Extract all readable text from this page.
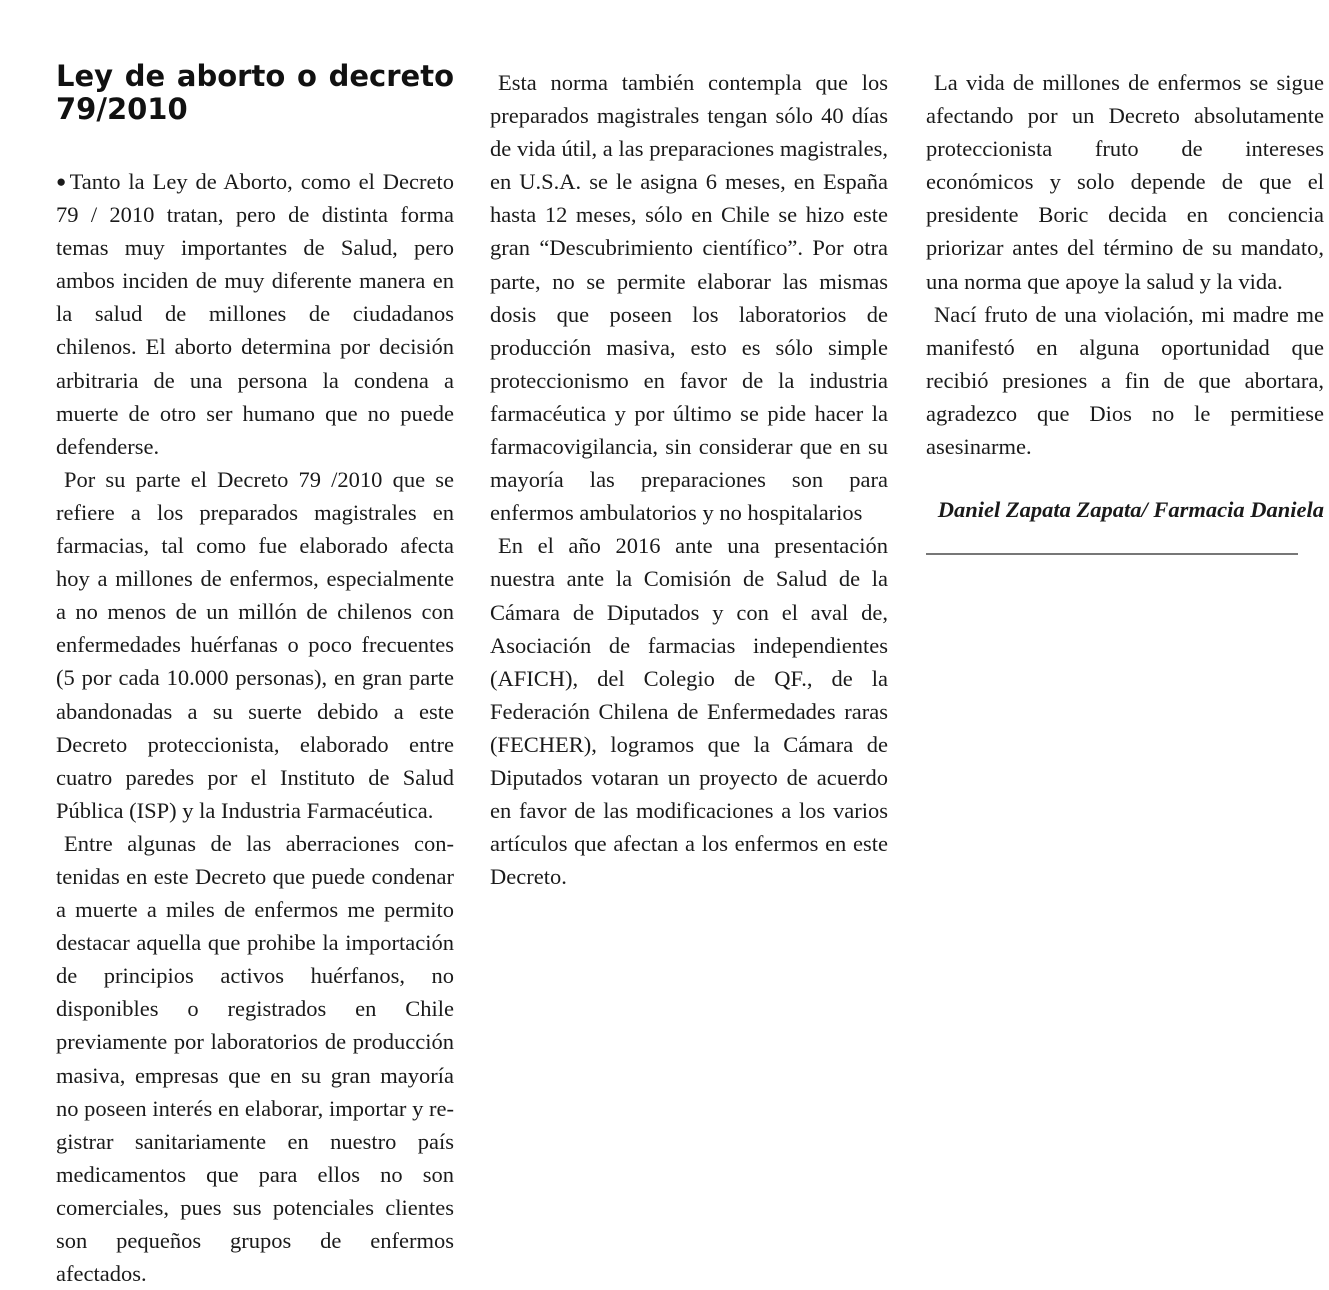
Ley de aborto o decreto 79/2010

●Tanto la Ley de Aborto, como el Decreto 79 / 2010 tratan, pero de distinta forma temas muy importantes de Salud, pero ambos inciden de muy diferente manera en la salud de millones de ciudadanos chilenos. El aborto determina por decisión arbitraria de una persona la condena a muerte de otro ser humano que no puede defenderse.

Por su parte el Decreto 79 /2010 que se refiere a los preparados magistrales en farmacias, tal como fue elaborado afecta hoy a millones de enfermos, especialmente a no menos de un millón de chilenos con enfermedades huérfanas o poco frecuentes (5 por cada 10.000 personas), en gran parte abandonadas a su suerte debido a este Decreto proteccionista, elaborado entre cuatro paredes por el Instituto de Salud Pública (ISP) y la Industria Farmacéutica.

Entre algunas de las aberraciones contenidas en este Decreto que puede condenar a muerte a miles de enfermos me permito destacar aquella que prohibe la importación de principios activos huérfanos, no disponibles o registrados en Chile previamente por laboratorios de producción masiva, empresas que en su gran mayoría no poseen interés en elaborar, importar y registrar sanitariamente en nuestro país medicamentos que para ellos no son comerciales, pues sus potenciales clientes son pequeños grupos de enfermos afectados.

Esta norma también contempla que los preparados magistrales tengan sólo 40 días de vida útil, a las preparaciones magistrales, en U.S.A. se le asigna 6 meses, en España hasta 12 meses, sólo en Chile se hizo este gran “Descubrimiento científico”. Por otra parte, no se permite elaborar las mismas dosis que poseen los laboratorios de producción masiva, esto es sólo simple proteccionismo en favor de la industria farmacéutica y por último se pide hacer la farmacovigilancia, sin considerar que en su mayoría las preparaciones son para enfermos ambulatorios y no hospitalarios

En el año 2016 ante una presentación nuestra ante la Comisión de Salud de la Cámara de Diputados y con el aval de, Asociación de farmacias independientes (AFICH), del Colegio de QF., de la Federación Chilena de Enfermedades raras (FECHER), logramos que la Cámara de Diputados votaran un proyecto de acuerdo en favor de las modificaciones a los varios artículos que afectan a los enfermos en este Decreto.

La vida de millones de enfermos se sigue afectando por un Decreto absolutamente proteccionista fruto de intereses económicos y solo depende de que el presidente Boric decida en conciencia priorizar antes del término de su mandato, una norma que apoye la salud y la vida.

Nací fruto de una violación, mi madre me manifestó en alguna oportunidad que recibió presiones a fin de que abortara, agradezco que Dios no le permitiese asesinarme.

Daniel Zapata Zapata/ Farmacia Daniela
